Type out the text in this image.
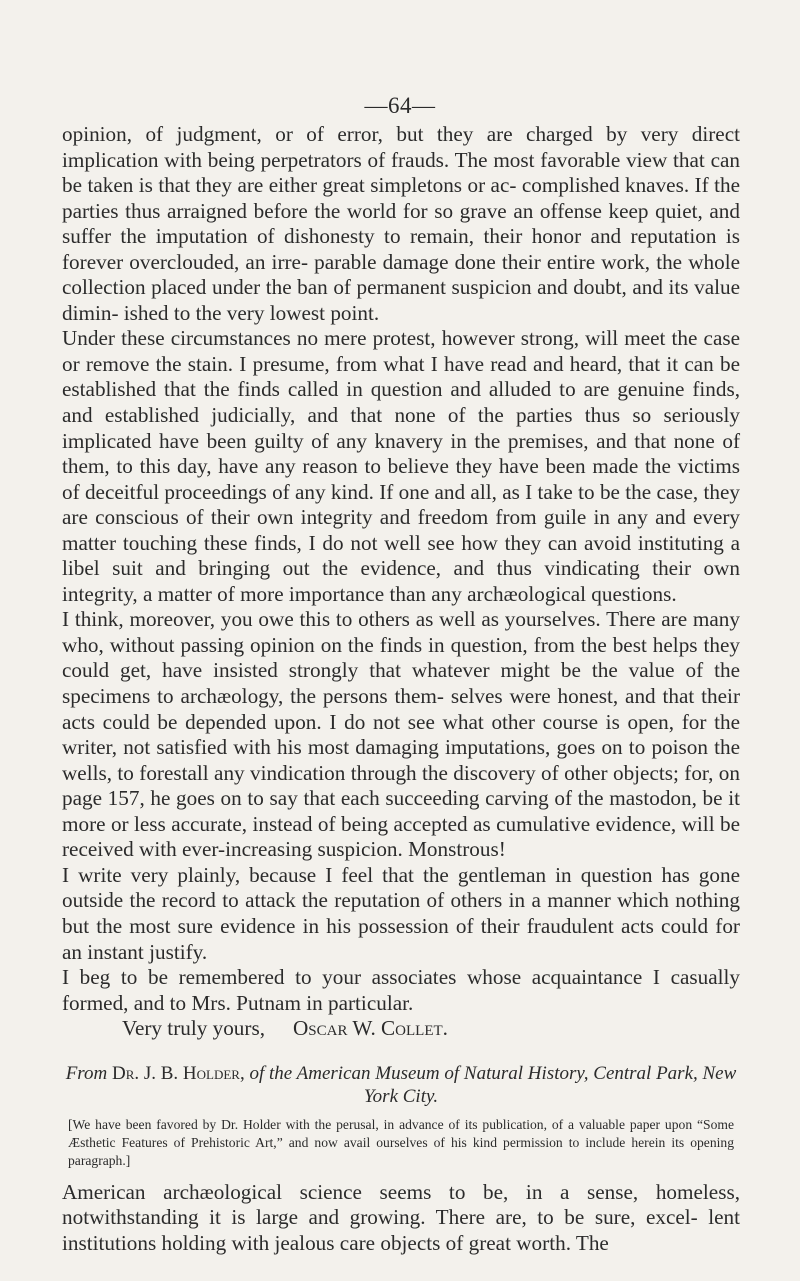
—64—

opinion, of judgment, or of error, but they are charged by very direct implication with being perpetrators of frauds. The most favorable view that can be taken is that they are either great simpletons or ac- complished knaves. If the parties thus arraigned before the world for so grave an offense keep quiet, and suffer the imputation of dishonesty to remain, their honor and reputation is forever overclouded, an irre- parable damage done their entire work, the whole collection placed under the ban of permanent suspicion and doubt, and its value dimin- ished to the very lowest point.

Under these circumstances no mere protest, however strong, will meet the case or remove the stain. I presume, from what I have read and heard, that it can be established that the finds called in question and alluded to are genuine finds, and established judicially, and that none of the parties thus so seriously implicated have been guilty of any knavery in the premises, and that none of them, to this day, have any reason to believe they have been made the victims of deceitful proceedings of any kind. If one and all, as I take to be the case, they are conscious of their own integrity and freedom from guile in any and every matter touching these finds, I do not well see how they can avoid instituting a libel suit and bringing out the evidence, and thus vindicating their own integrity, a matter of more importance than any archæological questions.

I think, moreover, you owe this to others as well as yourselves. There are many who, without passing opinion on the finds in question, from the best helps they could get, have insisted strongly that whatever might be the value of the specimens to archæology, the persons them- selves were honest, and that their acts could be depended upon. I do not see what other course is open, for the writer, not satisfied with his most damaging imputations, goes on to poison the wells, to forestall any vindication through the discovery of other objects; for, on page 157, he goes on to say that each succeeding carving of the mastodon, be it more or less accurate, instead of being accepted as cumulative evidence, will be received with ever-increasing suspicion. Monstrous!

I write very plainly, because I feel that the gentleman in question has gone outside the record to attack the reputation of others in a manner which nothing but the most sure evidence in his possession of their fraudulent acts could for an instant justify.

I beg to be remembered to your associates whose acquaintance I casually formed, and to Mrs. Putnam in particular.

Very truly yours, Oscar W. Collet.

From Dr. J. B. Holder, of the American Museum of Natural History, Central Park, New York City.

[We have been favored by Dr. Holder with the perusal, in advance of its publication, of a valuable paper upon “Some Æsthetic Features of Prehistoric Art,” and now avail ourselves of his kind permission to include herein its opening paragraph.]

American archæological science seems to be, in a sense, homeless, notwithstanding it is large and growing. There are, to be sure, excel- lent institutions holding with jealous care objects of great worth. The
